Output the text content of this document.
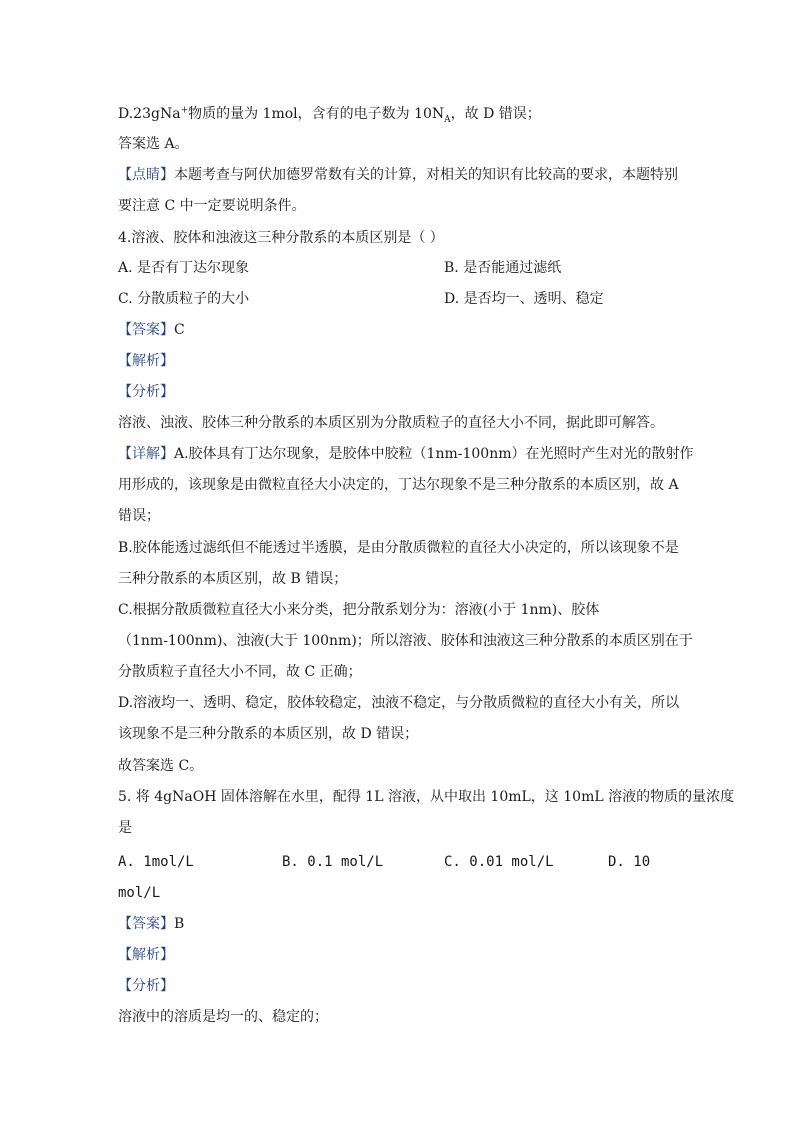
D.23gNa+物质的量为 1mol，含有的电子数为 $10N_A$，故 D 错误；
答案选 A。
【点睛】本题考查与阿伏加德罗常数有关的计算，对相关的知识有比较高的要求，本题特别
要注意 C 中一定要说明条件。
4.溶液、胶体和浊液这三种分散系的本质区别是（ ）
A. 是否有丁达尔现象	B. 是否能通过滤纸
C. 分散质粒子的大小	D. 是否均一、透明、稳定
【答案】C
【解析】
【分析】
溶液、浊液、胶体三种分散系的本质区别为分散质粒子的直径大小不同，据此即可解答。
【详解】A.胶体具有丁达尔现象，是胶体中胶粒（1nm-100nm）在光照时产生对光的散射作
用形成的，该现象是由微粒直径大小决定的，丁达尔现象不是三种分散系的本质区别，故 A
错误；
B.胶体能透过滤纸但不能透过半透膜，是由分散质微粒的直径大小决定的，所以该现象不是
三种分散系的本质区别，故 B 错误；
C.根据分散质微粒直径大小来分类，把分散系划分为：溶液(小于 1nm)、胶体
（1nm-100nm)、浊液(大于 100nm)；所以溶液、胶体和浊液这三种分散系的本质区别在于
分散质粒子直径大小不同，故 C 正确；
D.溶液均一、透明、稳定，胶体较稳定，浊液不稳定，与分散质微粒的直径大小有关，所以
该现象不是三种分散系的本质区别，故 D 错误；
故答案选 C。
5. 将 4gNaOH 固体溶解在水里，配得 1L 溶液，从中取出 10mL，这 10mL 溶液的物质的量浓度
是
A. 1mol/L	B. 0.1 mol/L	C. 0.01 mol/L	D. 10
mol/L
【答案】B
【解析】
【分析】
溶液中的溶质是均一的、稳定的；
